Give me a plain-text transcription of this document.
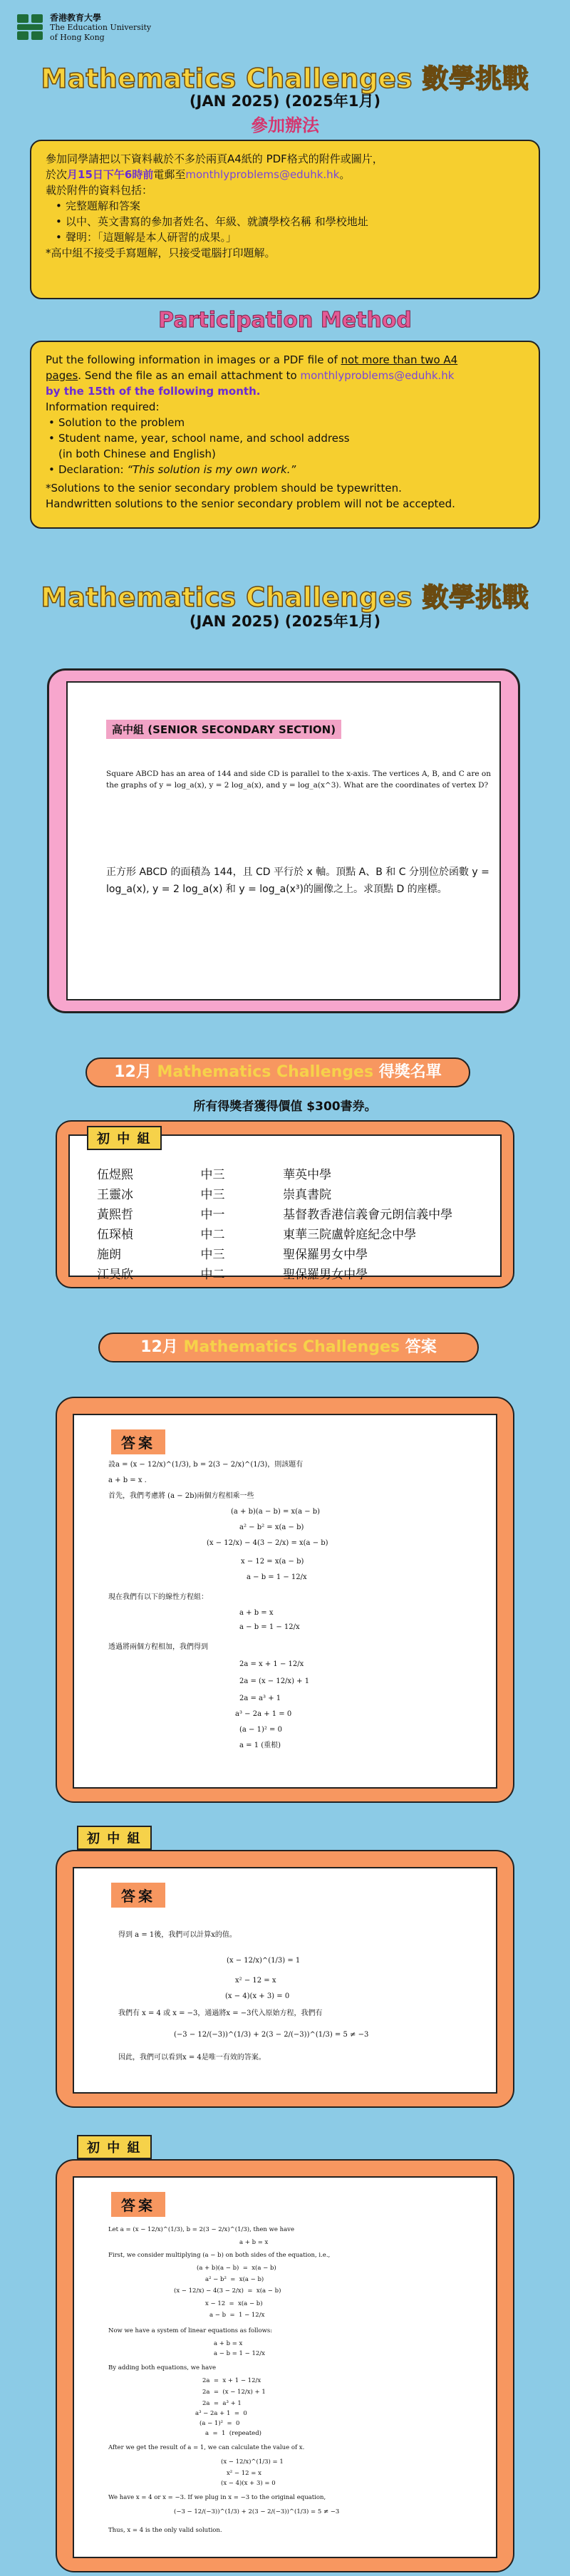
香港教育大學
The Education University
of Hong Kong
Mathematics Challenges 數學挑戰
(JAN 2025) (2025年1月)
參加辦法
參加同學請把以下資料載於不多於兩頁A4紙的 PDF格式的附件或圖片，
於次月15日下午6時前電郵至monthlyproblems@eduhk.hk。
載於附件的資料包括：
• 完整題解和答案
• 以中、英文書寫的參加者姓名、年級、就讀學校名稱 和學校地址
• 聲明：「這題解是本人研習的成果。」
*高中組不接受手寫題解，只接受電腦打印題解。
Participation Method
Put the following information in images or a PDF file of not more than two A4
pages. Send the file as an email attachment to monthlyproblems@eduhk.hk
by the 15th of the following month.
Information required:
• Solution to the problem
• Student name, year, school name, and school address
(in both Chinese and English)
• Declaration: “This solution is my own work.”
*Solutions to the senior secondary problem should be typewritten.
Handwritten solutions to the senior secondary problem will not be accepted.
Mathematics Challenges 數學挑戰
(JAN 2025) (2025年1月)
高中組 (SENIOR SECONDARY SECTION)
Square ABCD has an area of 144 and side CD is parallel to the x-axis. The vertices A, B, and C are on the graphs of y = log_a(x), y = 2 log_a(x), and y = log_a(x^3). What are the coordinates of vertex D?
正方形 ABCD 的面積為 144，且 CD 平行於 x 軸。頂點 A、B 和 C 分別位於函數 y = log_a(x), y = 2 log_a(x) 和 y = log_a(x³)的圖像之上。求頂點 D 的座標。
12月 Mathematics Challenges 得獎名單
所有得獎者獲得價值 $300書券。
伍煜熙	中三	華英中學
王靈冰	中三	崇真書院
黃熙哲	中一	基督教香港信義會元朗信義中學
伍琛楨	中二	東華三院盧幹庭紀念中學
施朗	中三	聖保羅男女中學
江昊欣	中二	聖保羅男女中學
初 中 組
12月 Mathematics Challenges 答案
答案
設a = (x − 12/x)^(1/3), b = 2(3 − 2/x)^(1/3)，則該題有
a + b = x .
首先，我們考慮將 (a − 2b)兩個方程相乘一些
(a + b)(a − b) = x(a − b)
a² − b² = x(a − b)
(x − 12/x) − 4(3 − 2/x) = x(a − b)
x − 12 = x(a − b)
a − b = 1 − 12/x
現在我們有以下的線性方程組：
a + b = x
a − b = 1 − 12/x
透過將兩個方程相加，我們得到
2a = x + 1 − 12/x
2a = (x − 12/x) + 1
2a = a³ + 1
a³ − 2a + 1 = 0
(a − 1)² = 0
a = 1 (重根)
初 中 組
答案
得到 a = 1後，我們可以計算x的值。
(x − 12/x)^(1/3) = 1
x² − 12 = x
(x − 4)(x + 3) = 0
我們有 x = 4 或 x = −3，通過將x = −3代入原始方程，我們有
(−3 − 12/(−3))^(1/3) + 2(3 − 2/(−3))^(1/3) = 5 ≠ −3
因此，我們可以看到x = 4是唯一有效的答案。
初 中 組
答案
Let a = (x − 12/x)^(1/3), b = 2(3 − 2/x)^(1/3), then we have
a + b = x
First, we consider multiplying (a − b) on both sides of the equation, i.e.,
(a + b)(a − b)  =  x(a − b)
a² − b²  =  x(a − b)
(x − 12/x) − 4(3 − 2/x)  =  x(a − b)
x − 12  =  x(a − b)
a − b  =  1 − 12/x
Now we have a system of linear equations as follows:
a + b = x
a − b = 1 − 12/x
By adding both equations, we have
2a  =  x + 1 − 12/x
2a  =  (x − 12/x) + 1
2a  =  a³ + 1
a³ − 2a + 1  =  0
(a − 1)²  =  0
a  =  1  (repeated)
After we get the result of a = 1, we can calculate the value of x.
(x − 12/x)^(1/3) = 1
x² − 12 = x
(x − 4)(x + 3) = 0
We have x = 4 or x = −3. If we plug in x = −3 to the original equation,
(−3 − 12/(−3))^(1/3) + 2(3 − 2/(−3))^(1/3) = 5 ≠ −3
Thus, x = 4 is the only valid solution.
